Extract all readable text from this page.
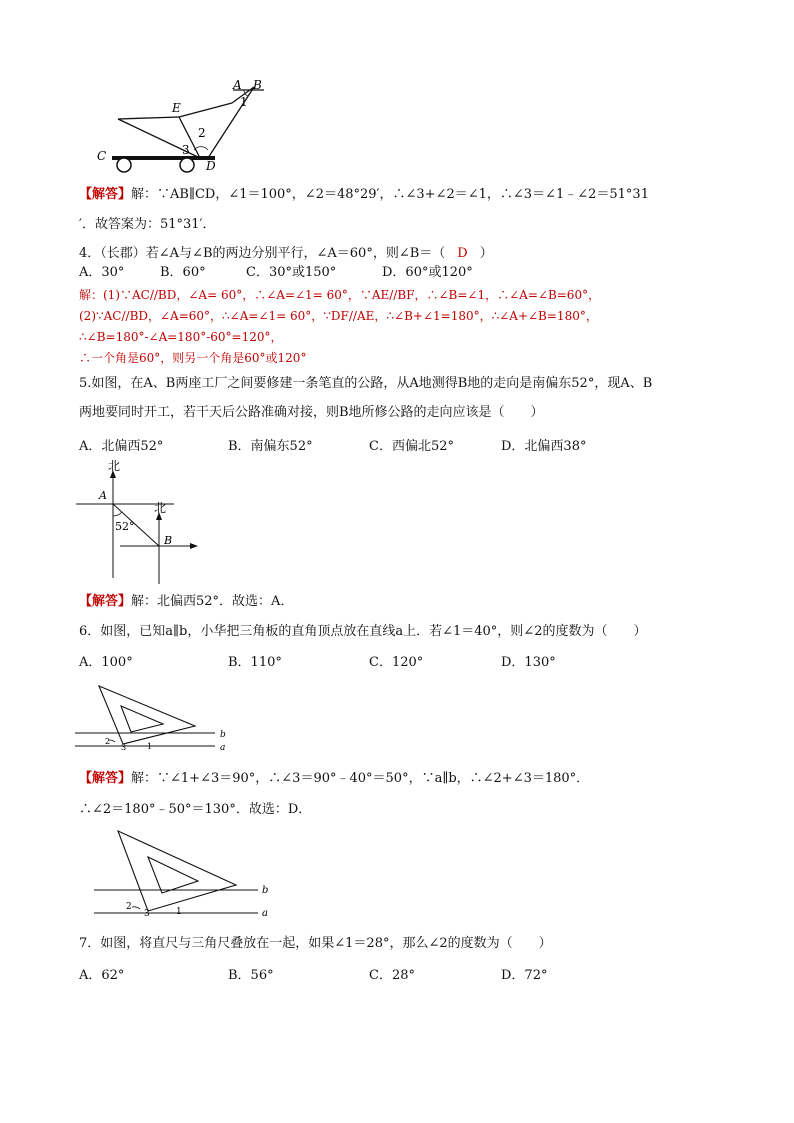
A B
1
E
2
3
C
D
【解答】解：∵AB∥CD，∠1＝100°，∠2＝48°29′，∴∠3+∠2＝∠1，∴∠3＝∠1﹣∠2＝51°31
′．故答案为：51°31′．
4．（长郡）若∠A与∠B的两边分别平行，∠A＝60°，则∠B＝（ D ）
A．30°	B．60°	C．30°或150°	D．60°或120°
解：(1)∵AC//BD，∠A= 60°，∴∠A=∠1= 60°，∵AE//BF，∴∠B=∠1，∴∠A=∠B=60°，
(2)∵AC//BD，∠A=60°，∴∠A=∠1= 60°，∵DF//AE，∴∠B+∠1=180°，∴∠A+∠B=180°，
∴∠B=180°-∠A=180°-60°=120°，
∴一个角是60°，则另一个角是60°或120°
5.如图，在A、B两座工厂之间要修建一条笔直的公路，从A地测得B地的走向是南偏东52°，现A、B
两地要同时开工，若干天后公路准确对接，则B地所修公路的走向应该是（　　）
A．北偏西52°	B．南偏东52°	C．西偏北52°	D．北偏西38°
北
北
A
B
52°
【解答】解：北偏西52°．故选：A．
6．如图，已知a∥b，小华把三角板的直角顶点放在直线a上．若∠1＝40°，则∠2的度数为（　　）
A．100°	B．110°	C．120°	D．130°
b
a
2
3	1
【解答】解：∵∠1+∠3＝90°，∴∠3＝90°﹣40°＝50°，∵a∥b，∴∠2+∠3＝180°．
∴∠2＝180°﹣50°＝130°．故选：D．
b
a
2
3	1
7．如图，将直尺与三角尺叠放在一起，如果∠1＝28°，那么∠2的度数为（　　）
A．62°	B．56°	C．28°	D．72°
